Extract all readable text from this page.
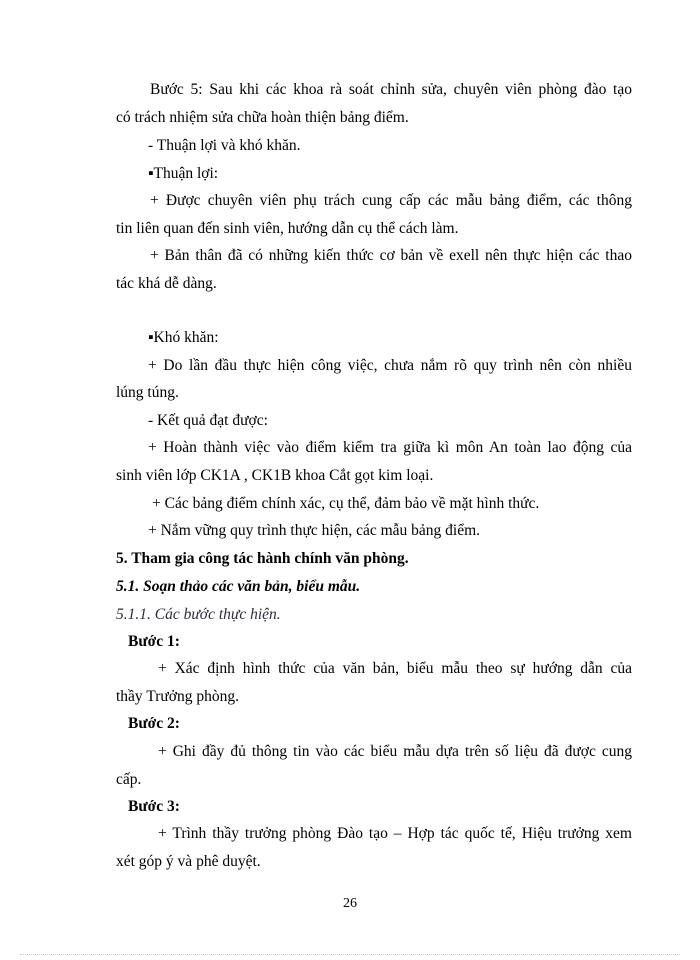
Bước 5: Sau khi các khoa rà soát chỉnh sửa, chuyên viên phòng đào tạo
có trách nhiệm sửa chữa hoàn thiện bảng điểm.
- Thuận lợi và khó khăn.
▪Thuận lợi:
+ Được chuyên viên phụ trách cung cấp các mẫu bảng điểm, các thông
tin liên quan đến sinh viên, hướng dẫn cụ thể cách làm.
+ Bản thân đã có những kiến thức cơ bản về exell nên thực hiện các thao
tác khá dễ dàng.
▪Khó khăn:
+ Do lần đầu thực hiện công việc, chưa nắm rõ quy trình nên còn nhiều
lúng túng.
- Kết quả đạt được:
+ Hoàn thành việc vào điểm kiểm tra giữa kì môn An toàn lao động của
sinh viên lớp CK1A , CK1B khoa Cắt gọt kim loại.
+ Các bảng điểm chính xác, cụ thể, đảm bảo về mặt hình thức.
+ Nắm vững quy trình thực hiện, các mẫu bảng điểm.
5. Tham gia công tác hành chính văn phòng.
5.1. Soạn thảo các văn bản, biểu mẫu.
5.1.1. Các bước thực hiện.
Bước 1:
+ Xác định hình thức của văn bản, biểu mẫu theo sự hướng dẫn của
thầy Trưởng phòng.
Bước 2:
+ Ghi đầy đủ thông tin vào các biểu mẫu dựa trên số liệu đã được cung
cấp.
Bước 3:
+ Trình thầy trưởng phòng Đào tạo – Hợp tác quốc tế, Hiệu trưởng xem
xét góp ý và phê duyệt.
26
